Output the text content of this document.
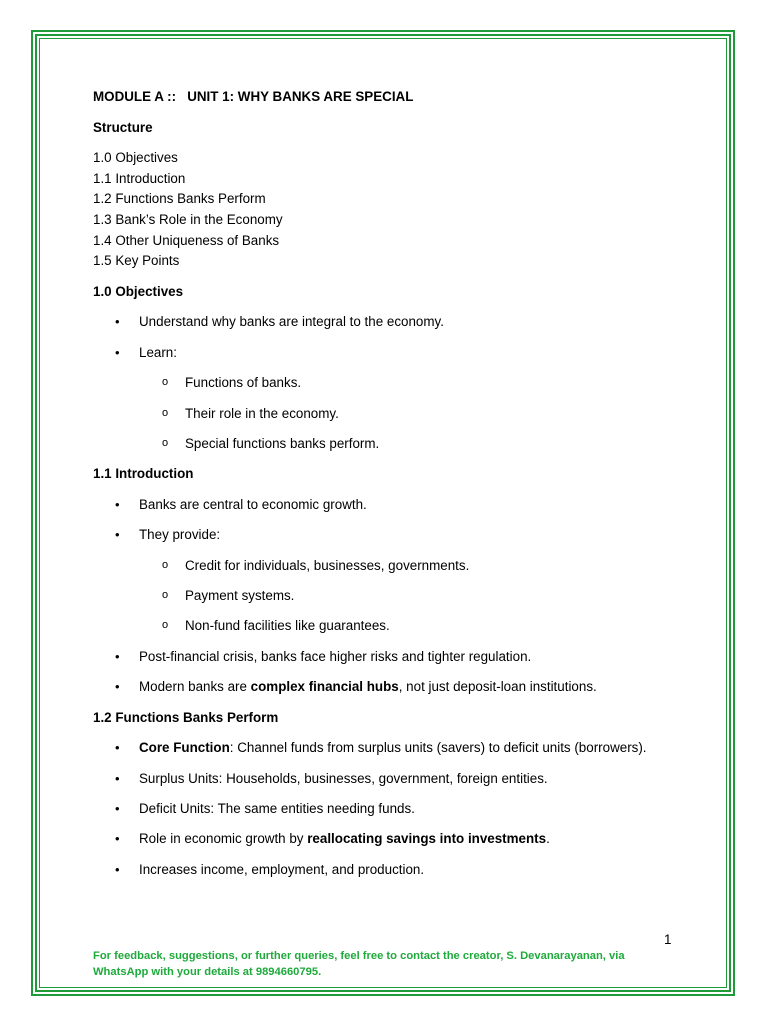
MODULE A ::   UNIT 1: WHY BANKS ARE SPECIAL
Structure
1.0 Objectives
1.1 Introduction
1.2 Functions Banks Perform
1.3 Bank’s Role in the Economy
1.4 Other Uniqueness of Banks
1.5 Key Points
1.0 Objectives
• Understand why banks are integral to the economy.
• Learn:
o Functions of banks.
o Their role in the economy.
o Special functions banks perform.
1.1 Introduction
• Banks are central to economic growth.
• They provide:
o Credit for individuals, businesses, governments.
o Payment systems.
o Non-fund facilities like guarantees.
• Post-financial crisis, banks face higher risks and tighter regulation.
• Modern banks are complex financial hubs, not just deposit-loan institutions.
1.2 Functions Banks Perform
• Core Function: Channel funds from surplus units (savers) to deficit units (borrowers).
• Surplus Units: Households, businesses, government, foreign entities.
• Deficit Units: The same entities needing funds.
• Role in economic growth by reallocating savings into investments.
• Increases income, employment, and production.
1
For feedback, suggestions, or further queries, feel free to contact the creator, S. Devanarayanan, via WhatsApp with your details at 9894660795.
